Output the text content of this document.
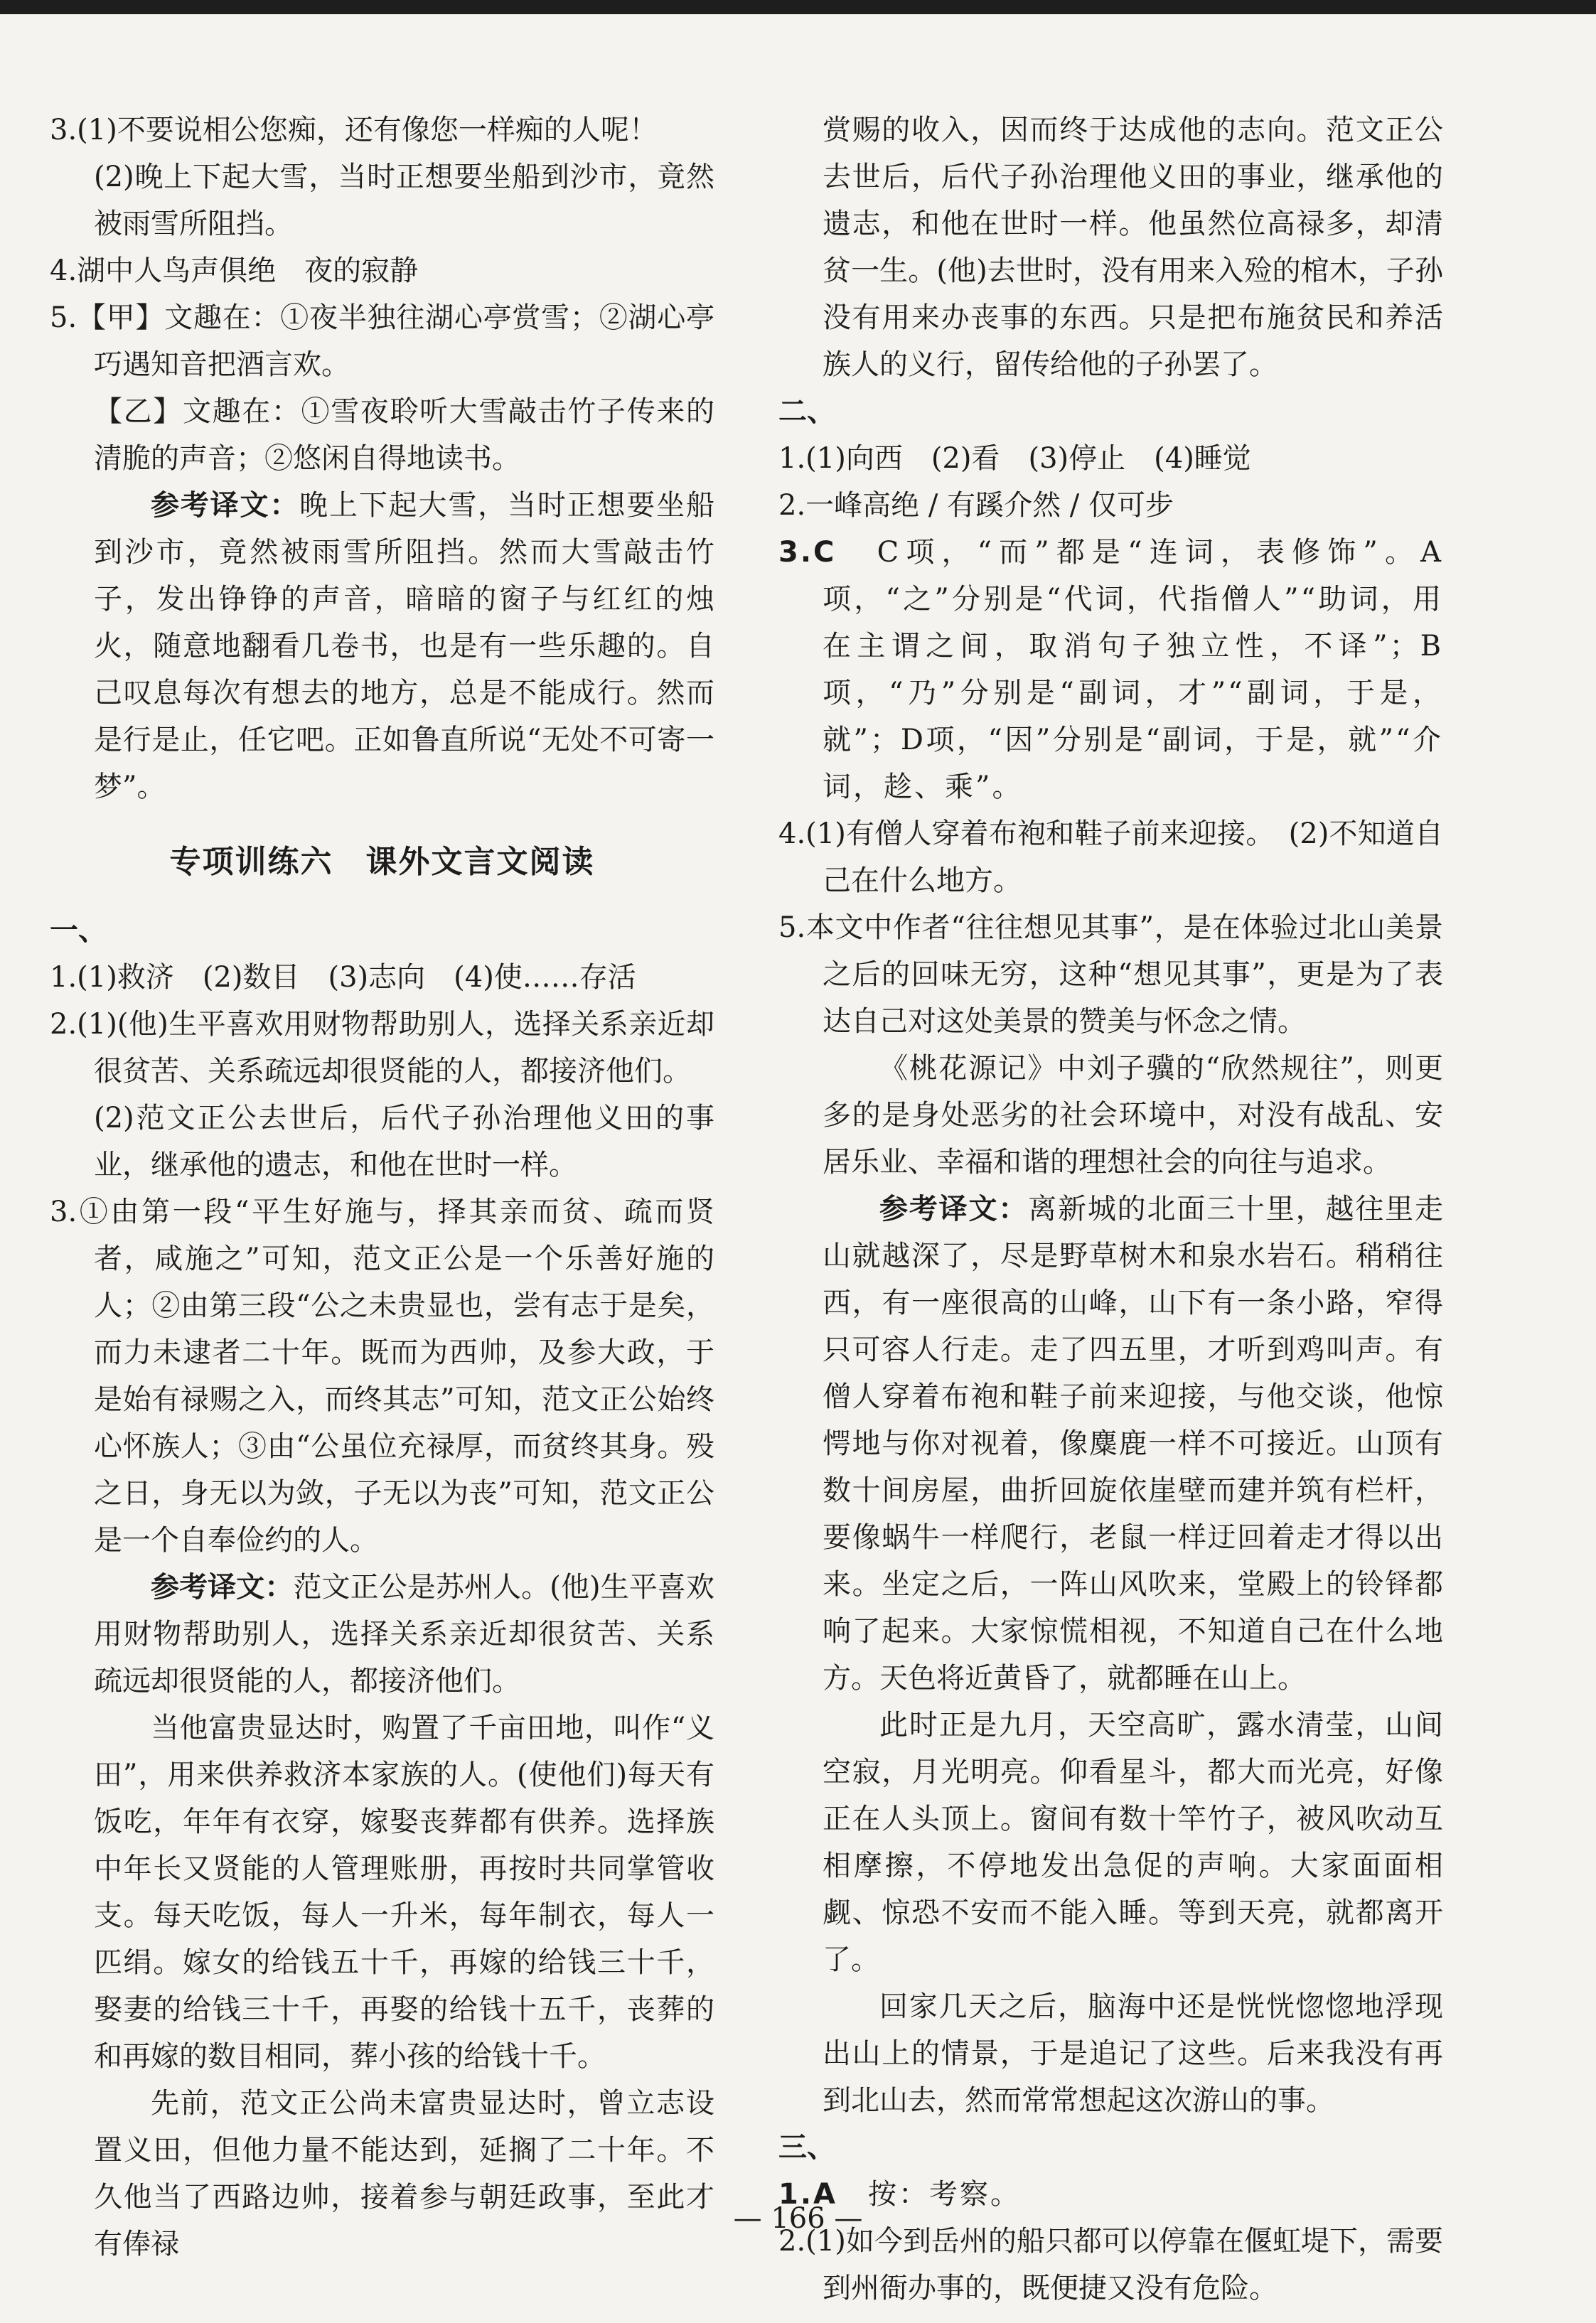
3.(1)不要说相公您痴，还有像您一样痴的人呢！

(2)晚上下起大雪，当时正想要坐船到沙市，竟然被雨雪所阻挡。

4.湖中人鸟声俱绝　夜的寂静

5.【甲】文趣在：①夜半独往湖心亭赏雪；②湖心亭巧遇知音把酒言欢。

【乙】文趣在：①雪夜聆听大雪敲击竹子传来的清脆的声音；②悠闲自得地读书。

参考译文：晚上下起大雪，当时正想要坐船到沙市，竟然被雨雪所阻挡。然而大雪敲击竹子，发出铮铮的声音，暗暗的窗子与红红的烛火，随意地翻看几卷书，也是有一些乐趣的。自己叹息每次有想去的地方，总是不能成行。然而是行是止，任它吧。正如鲁直所说“无处不可寄一梦”。

专项训练六　课外文言文阅读

一、

1.(1)救济　(2)数目　(3)志向　(4)使……存活

2.(1)(他)生平喜欢用财物帮助别人，选择关系亲近却很贫苦、关系疏远却很贤能的人，都接济他们。

(2)范文正公去世后，后代子孙治理他义田的事业，继承他的遗志，和他在世时一样。

3.①由第一段“平生好施与，择其亲而贫、疏而贤者，咸施之”可知，范文正公是一个乐善好施的人；②由第三段“公之未贵显也，尝有志于是矣，而力未逮者二十年。既而为西帅，及参大政，于是始有禄赐之入，而终其志”可知，范文正公始终心怀族人；③由“公虽位充禄厚，而贫终其身。殁之日，身无以为敛，子无以为丧”可知，范文正公是一个自奉俭约的人。

参考译文：范文正公是苏州人。(他)生平喜欢用财物帮助别人，选择关系亲近却很贫苦、关系疏远却很贤能的人，都接济他们。

当他富贵显达时，购置了千亩田地，叫作“义田”，用来供养救济本家族的人。(使他们)每天有饭吃，年年有衣穿，嫁娶丧葬都有供养。选择族中年长又贤能的人管理账册，再按时共同掌管收支。每天吃饭，每人一升米，每年制衣，每人一匹绢。嫁女的给钱五十千，再嫁的给钱三十千，娶妻的给钱三十千，再娶的给钱十五千，丧葬的和再嫁的数目相同，葬小孩的给钱十千。

先前，范文正公尚未富贵显达时，曾立志设置义田，但他力量不能达到，延搁了二十年。不久他当了西路边帅，接着参与朝廷政事，至此才有俸禄

赏赐的收入，因而终于达成他的志向。范文正公去世后，后代子孙治理他义田的事业，继承他的遗志，和他在世时一样。他虽然位高禄多，却清贫一生。(他)去世时，没有用来入殓的棺木，子孙没有用来办丧事的东西。只是把布施贫民和养活族人的义行，留传给他的子孙罢了。

二、

1.(1)向西　(2)看　(3)停止　(4)睡觉

2.一峰高绝 / 有蹊介然 / 仅可步

3.C　 C项，“而”都是“连词，表修饰”。A项，“之”分别是“代词，代指僧人”“助词，用在主谓之间，取消句子独立性，不译”；B项，“乃”分别是“副词，才”“副词，于是，就”；D项，“因”分别是“副词，于是，就”“介词，趁、乘”。

4.(1)有僧人穿着布袍和鞋子前来迎接。　(2)不知道自己在什么地方。

5.本文中作者“往往想见其事”，是在体验过北山美景之后的回味无穷，这种“想见其事”，更是为了表达自己对这处美景的赞美与怀念之情。

《桃花源记》中刘子骥的“欣然规往”，则更多的是身处恶劣的社会环境中，对没有战乱、安居乐业、幸福和谐的理想社会的向往与追求。

参考译文：离新城的北面三十里，越往里走山就越深了，尽是野草树木和泉水岩石。稍稍往西，有一座很高的山峰，山下有一条小路，窄得只可容人行走。走了四五里，才听到鸡叫声。有僧人穿着布袍和鞋子前来迎接，与他交谈，他惊愕地与你对视着，像麋鹿一样不可接近。山顶有数十间房屋，曲折回旋依崖壁而建并筑有栏杆，要像蜗牛一样爬行，老鼠一样迂回着走才得以出来。坐定之后，一阵山风吹来，堂殿上的铃铎都响了起来。大家惊慌相视，不知道自己在什么地方。天色将近黄昏了，就都睡在山上。

此时正是九月，天空高旷，露水清莹，山间空寂，月光明亮。仰看星斗，都大而光亮，好像正在人头顶上。窗间有数十竿竹子，被风吹动互相摩擦，不停地发出急促的声响。大家面面相觑、惊恐不安而不能入睡。等到天亮，就都离开了。

回家几天之后，脑海中还是恍恍惚惚地浮现出山上的情景，于是追记了这些。后来我没有再到北山去，然而常常想起这次游山的事。

三、

1.A　 按：考察。

2.(1)如今到岳州的船只都可以停靠在偃虹堤下，需要到州衙办事的，既便捷又没有危险。

— 166 —
